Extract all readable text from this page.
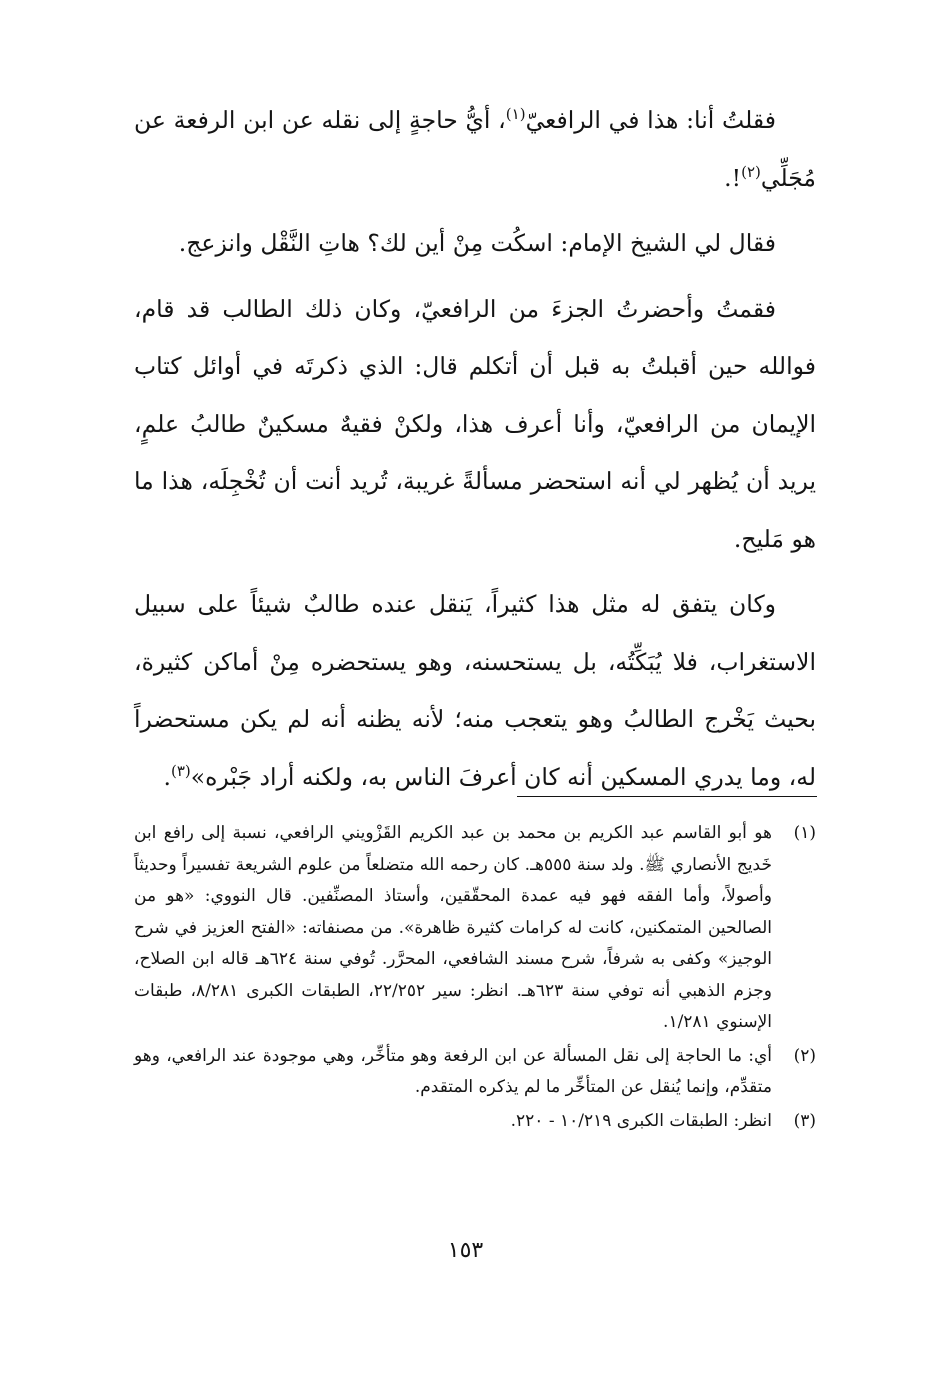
فقلتُ أنا: هذا في الرافعيّ$^{(١)}$، أيُّ حاجةٍ إلى نقله عن ابن الرفعة عن مُجَلِّي$^{(٢)}$!.

فقال لي الشيخ الإمام: اسكُت مِنْ أين لك؟ هاتِ النَّقْل وانزعج.

فقمتُ وأحضرتُ الجزءَ من الرافعيّ، وكان ذلك الطالب قد قام، فوالله حين أقبلتُ به قبل أن أتكلم قال: الذي ذكرتَه في أوائل كتاب الإيمان من الرافعيّ، وأنا أعرف هذا، ولكنْ فقيهٌ مسكينٌ طالبُ علمٍ، يريد أن يُظهر لي أنه استحضر مسألةً غريبة، تُريد أنت أن تُخْجِلَه، هذا ما هو مَليح.

وكان يتفق له مثل هذا كثيراً، يَنقل عنده طالبٌ شيئاً على سبيل الاستغراب، فلا يُبَكِّتُه، بل يستحسنه، وهو يستحضره مِنْ أماكن كثيرة، بحيث يَخْرج الطالبُ وهو يتعجب منه؛ لأنه يظنه أنه لم يكن مستحضراً له، وما يدري المسكين أنه كان أعرفَ الناس به، ولكنه أراد جَبْره»$^{(٣)}$.

(١)
هو أبو القاسم عبد الكريم بن محمد بن عبد الكريم القَزْويني الرافعي، نسبة إلى رافع ابن خَديج الأنصاري ﷺ. ولد سنة ٥٥٥هـ. كان رحمه الله متضلعاً من علوم الشريعة تفسيراً وحديثاً وأصولاً، وأما الفقه فهو فيه عمدة المحقّقين، وأستاذ المصنِّفين. قال النووي: «هو من الصالحين المتمكنين، كانت له كرامات كثيرة ظاهرة». من مصنفاته: «الفتح العزيز في شرح الوجيز» وكفى به شرفاً، شرح مسند الشافعي، المحرَّر. تُوفي سنة ٦٢٤هـ قاله ابن الصلاح، وجزم الذهبي أنه توفي سنة ٦٢٣هـ. انظر: سير ٢٢/٢٥٢، الطبقات الكبرى ٨/٢٨١، طبقات الإسنوي ١/٢٨١.

(٢)
أي: ما الحاجة إلى نقل المسألة عن ابن الرفعة وهو متأخِّر، وهي موجودة عند الرافعي، وهو متقدِّم، وإنما يُنقل عن المتأخِّر ما لم يذكره المتقدم.

(٣)
انظر: الطبقات الكبرى ١٠/٢١٩ - ٢٢٠.

١٥٣
